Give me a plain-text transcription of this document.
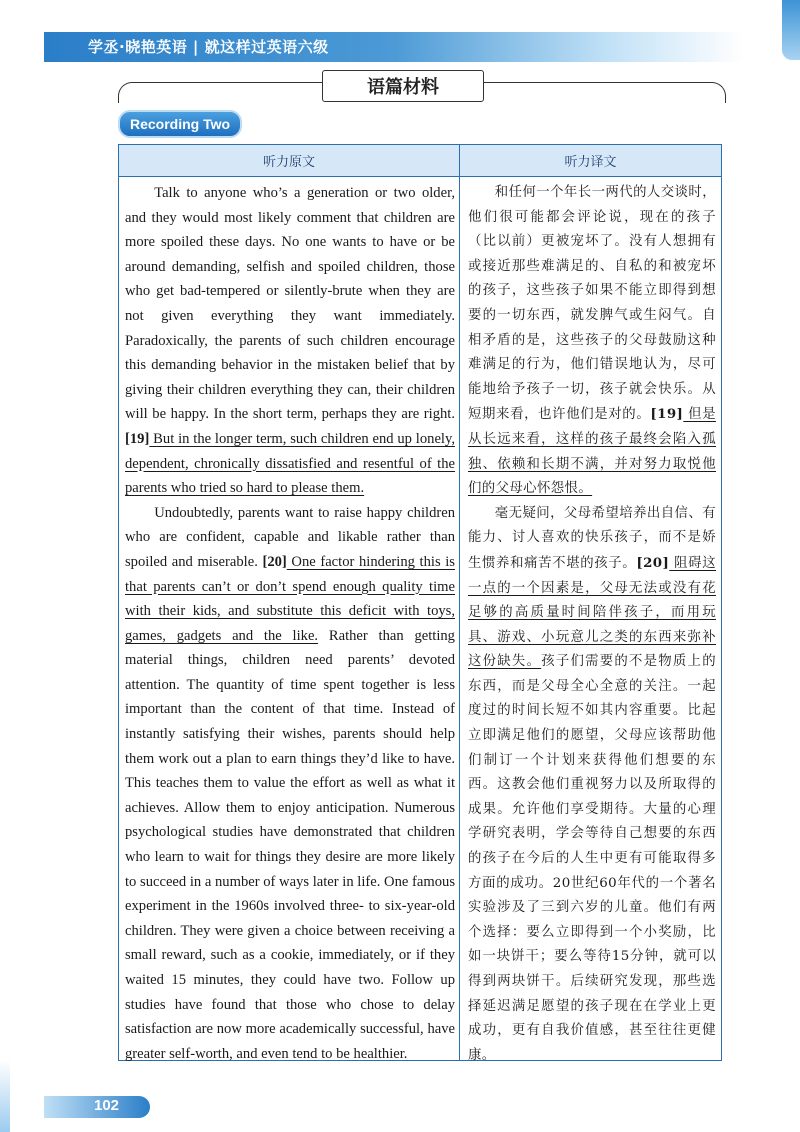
学丞·晓艳英语 | 就这样过英语六级
语篇材料
Recording Two
听力原文	听力译文

Talk to anyone who’s a generation or two older, and they would most likely comment that children are more spoiled these days. No one wants to have or be around demanding, selfish and spoiled children, those who get bad-tempered or silently-brute when they are not given everything they want immediately. Paradoxically, the parents of such children encourage this demanding behavior in the mistaken belief that by giving their children everything they can, their children will be happy. In the short term, perhaps they are right. [19] But in the longer term, such children end up lonely, dependent, chronically dissatisfied and resentful of the parents who tried so hard to please them.

Undoubtedly, parents want to raise happy children who are confident, capable and likable rather than spoiled and miserable. [20] One factor hindering this is that parents can’t or don’t spend enough quality time with their kids, and substitute this deficit with toys, games, gadgets and the like. Rather than getting material things, children need parents’ devoted attention. The quantity of time spent together is less important than the content of that time. Instead of instantly satisfying their wishes, parents should help them work out a plan to earn things they’d like to have. This teaches them to value the effort as well as what it achieves. Allow them to enjoy anticipation. Numerous psychological studies have demonstrated that children who learn to wait for things they desire are more likely to succeed in a number of ways later in life. One famous experiment in the 1960s involved three- to six-year-old children. They were given a choice between receiving a small reward, such as a cookie, immediately, or if they waited 15 minutes, they could have two. Follow up studies have found that those who chose to delay satisfaction are now more academically successful, have greater self-worth, and even tend to be healthier.

和任何一个年长一两代的人交谈时，他们很可能都会评论说，现在的孩子（比以前）更被宠坏了。没有人想拥有或接近那些难满足的、自私的和被宠坏的孩子，这些孩子如果不能立即得到想要的一切东西，就发脾气或生闷气。自相矛盾的是，这些孩子的父母鼓励这种难满足的行为，他们错误地认为，尽可能地给予孩子一切，孩子就会快乐。从短期来看，也许他们是对的。[19] 但是从长远来看，这样的孩子最终会陷入孤独、依赖和长期不满，并对努力取悦他们的父母心怀怨恨。

毫无疑问，父母希望培养出自信、有能力、讨人喜欢的快乐孩子，而不是娇生惯养和痛苦不堪的孩子。[20] 阻碍这一点的一个因素是，父母无法或没有花足够的高质量时间陪伴孩子，而用玩具、游戏、小玩意儿之类的东西来弥补这份缺失。孩子们需要的不是物质上的东西，而是父母全心全意的关注。一起度过的时间长短不如其内容重要。比起立即满足他们的愿望，父母应该帮助他们制订一个计划来获得他们想要的东西。这教会他们重视努力以及所取得的成果。允许他们享受期待。大量的心理学研究表明，学会等待自己想要的东西的孩子在今后的人生中更有可能取得多方面的成功。20世纪60年代的一个著名实验涉及了三到六岁的儿童。他们有两个选择：要么立即得到一个小奖励，比如一块饼干；要么等待15分钟，就可以得到两块饼干。后续研究发现，那些选择延迟满足愿望的孩子现在在学业上更成功，更有自我价值感，甚至往往更健康。

102
